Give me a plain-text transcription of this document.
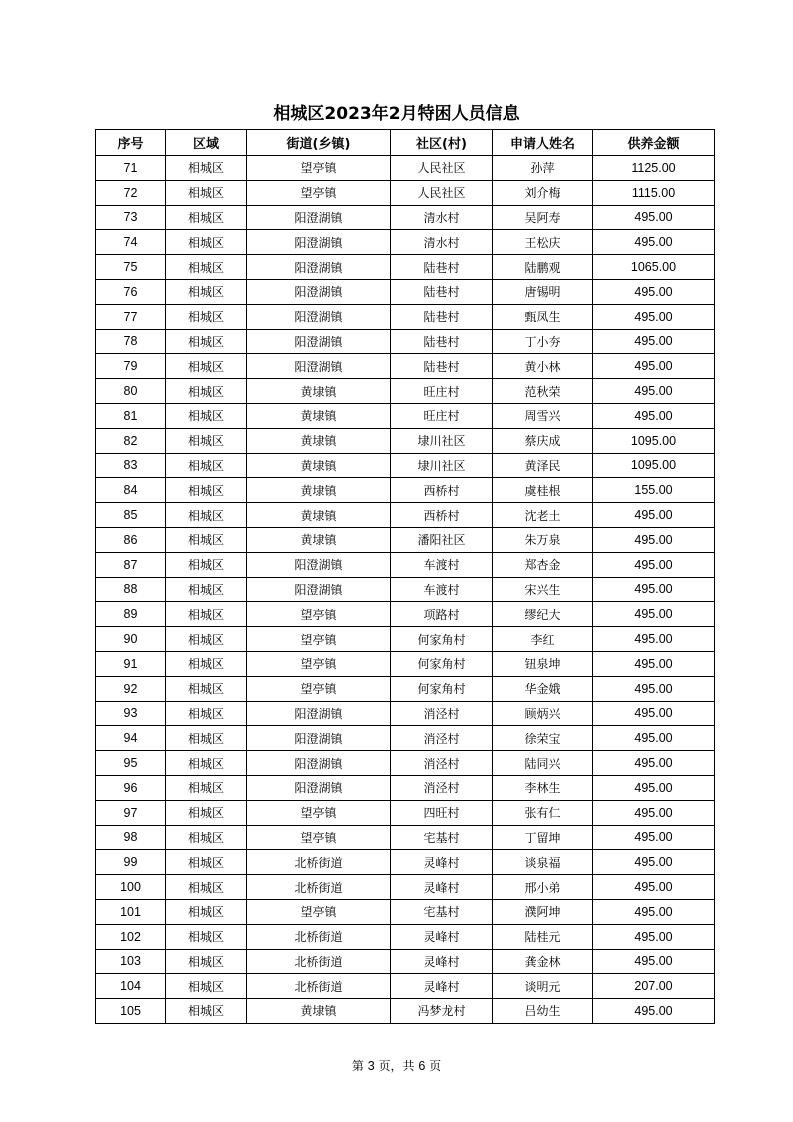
相城区2023年2月特困人员信息
序号	区域	街道(乡镇)	社区(村)	申请人姓名	供养金额
71	相城区	望亭镇	人民社区	孙萍	1125.00
72	相城区	望亭镇	人民社区	刘介梅	1115.00
73	相城区	阳澄湖镇	清水村	吴阿寿	495.00
74	相城区	阳澄湖镇	清水村	王松庆	495.00
75	相城区	阳澄湖镇	陆巷村	陆鹏观	1065.00
76	相城区	阳澄湖镇	陆巷村	唐锡明	495.00
77	相城区	阳澄湖镇	陆巷村	甄凤生	495.00
78	相城区	阳澄湖镇	陆巷村	丁小夯	495.00
79	相城区	阳澄湖镇	陆巷村	黄小林	495.00
80	相城区	黄埭镇	旺庄村	范秋荣	495.00
81	相城区	黄埭镇	旺庄村	周雪兴	495.00
82	相城区	黄埭镇	埭川社区	蔡庆成	1095.00
83	相城区	黄埭镇	埭川社区	黄泽民	1095.00
84	相城区	黄埭镇	西桥村	虞桂根	155.00
85	相城区	黄埭镇	西桥村	沈老土	495.00
86	相城区	黄埭镇	潘阳社区	朱万泉	495.00
87	相城区	阳澄湖镇	车渡村	郑杏金	495.00
88	相城区	阳澄湖镇	车渡村	宋兴生	495.00
89	相城区	望亭镇	项路村	缪纪大	495.00
90	相城区	望亭镇	何家角村	李红	495.00
91	相城区	望亭镇	何家角村	钮泉坤	495.00
92	相城区	望亭镇	何家角村	华金娥	495.00
93	相城区	阳澄湖镇	消泾村	顾炳兴	495.00
94	相城区	阳澄湖镇	消泾村	徐荣宝	495.00
95	相城区	阳澄湖镇	消泾村	陆同兴	495.00
96	相城区	阳澄湖镇	消泾村	李林生	495.00
97	相城区	望亭镇	四旺村	张有仁	495.00
98	相城区	望亭镇	宅基村	丁留坤	495.00
99	相城区	北桥街道	灵峰村	谈泉福	495.00
100	相城区	北桥街道	灵峰村	邢小弟	495.00
101	相城区	望亭镇	宅基村	濮阿坤	495.00
102	相城区	北桥街道	灵峰村	陆桂元	495.00
103	相城区	北桥街道	灵峰村	龚金林	495.00
104	相城区	北桥街道	灵峰村	谈明元	207.00
105	相城区	黄埭镇	冯梦龙村	吕幼生	495.00
第 3 页，共 6 页
